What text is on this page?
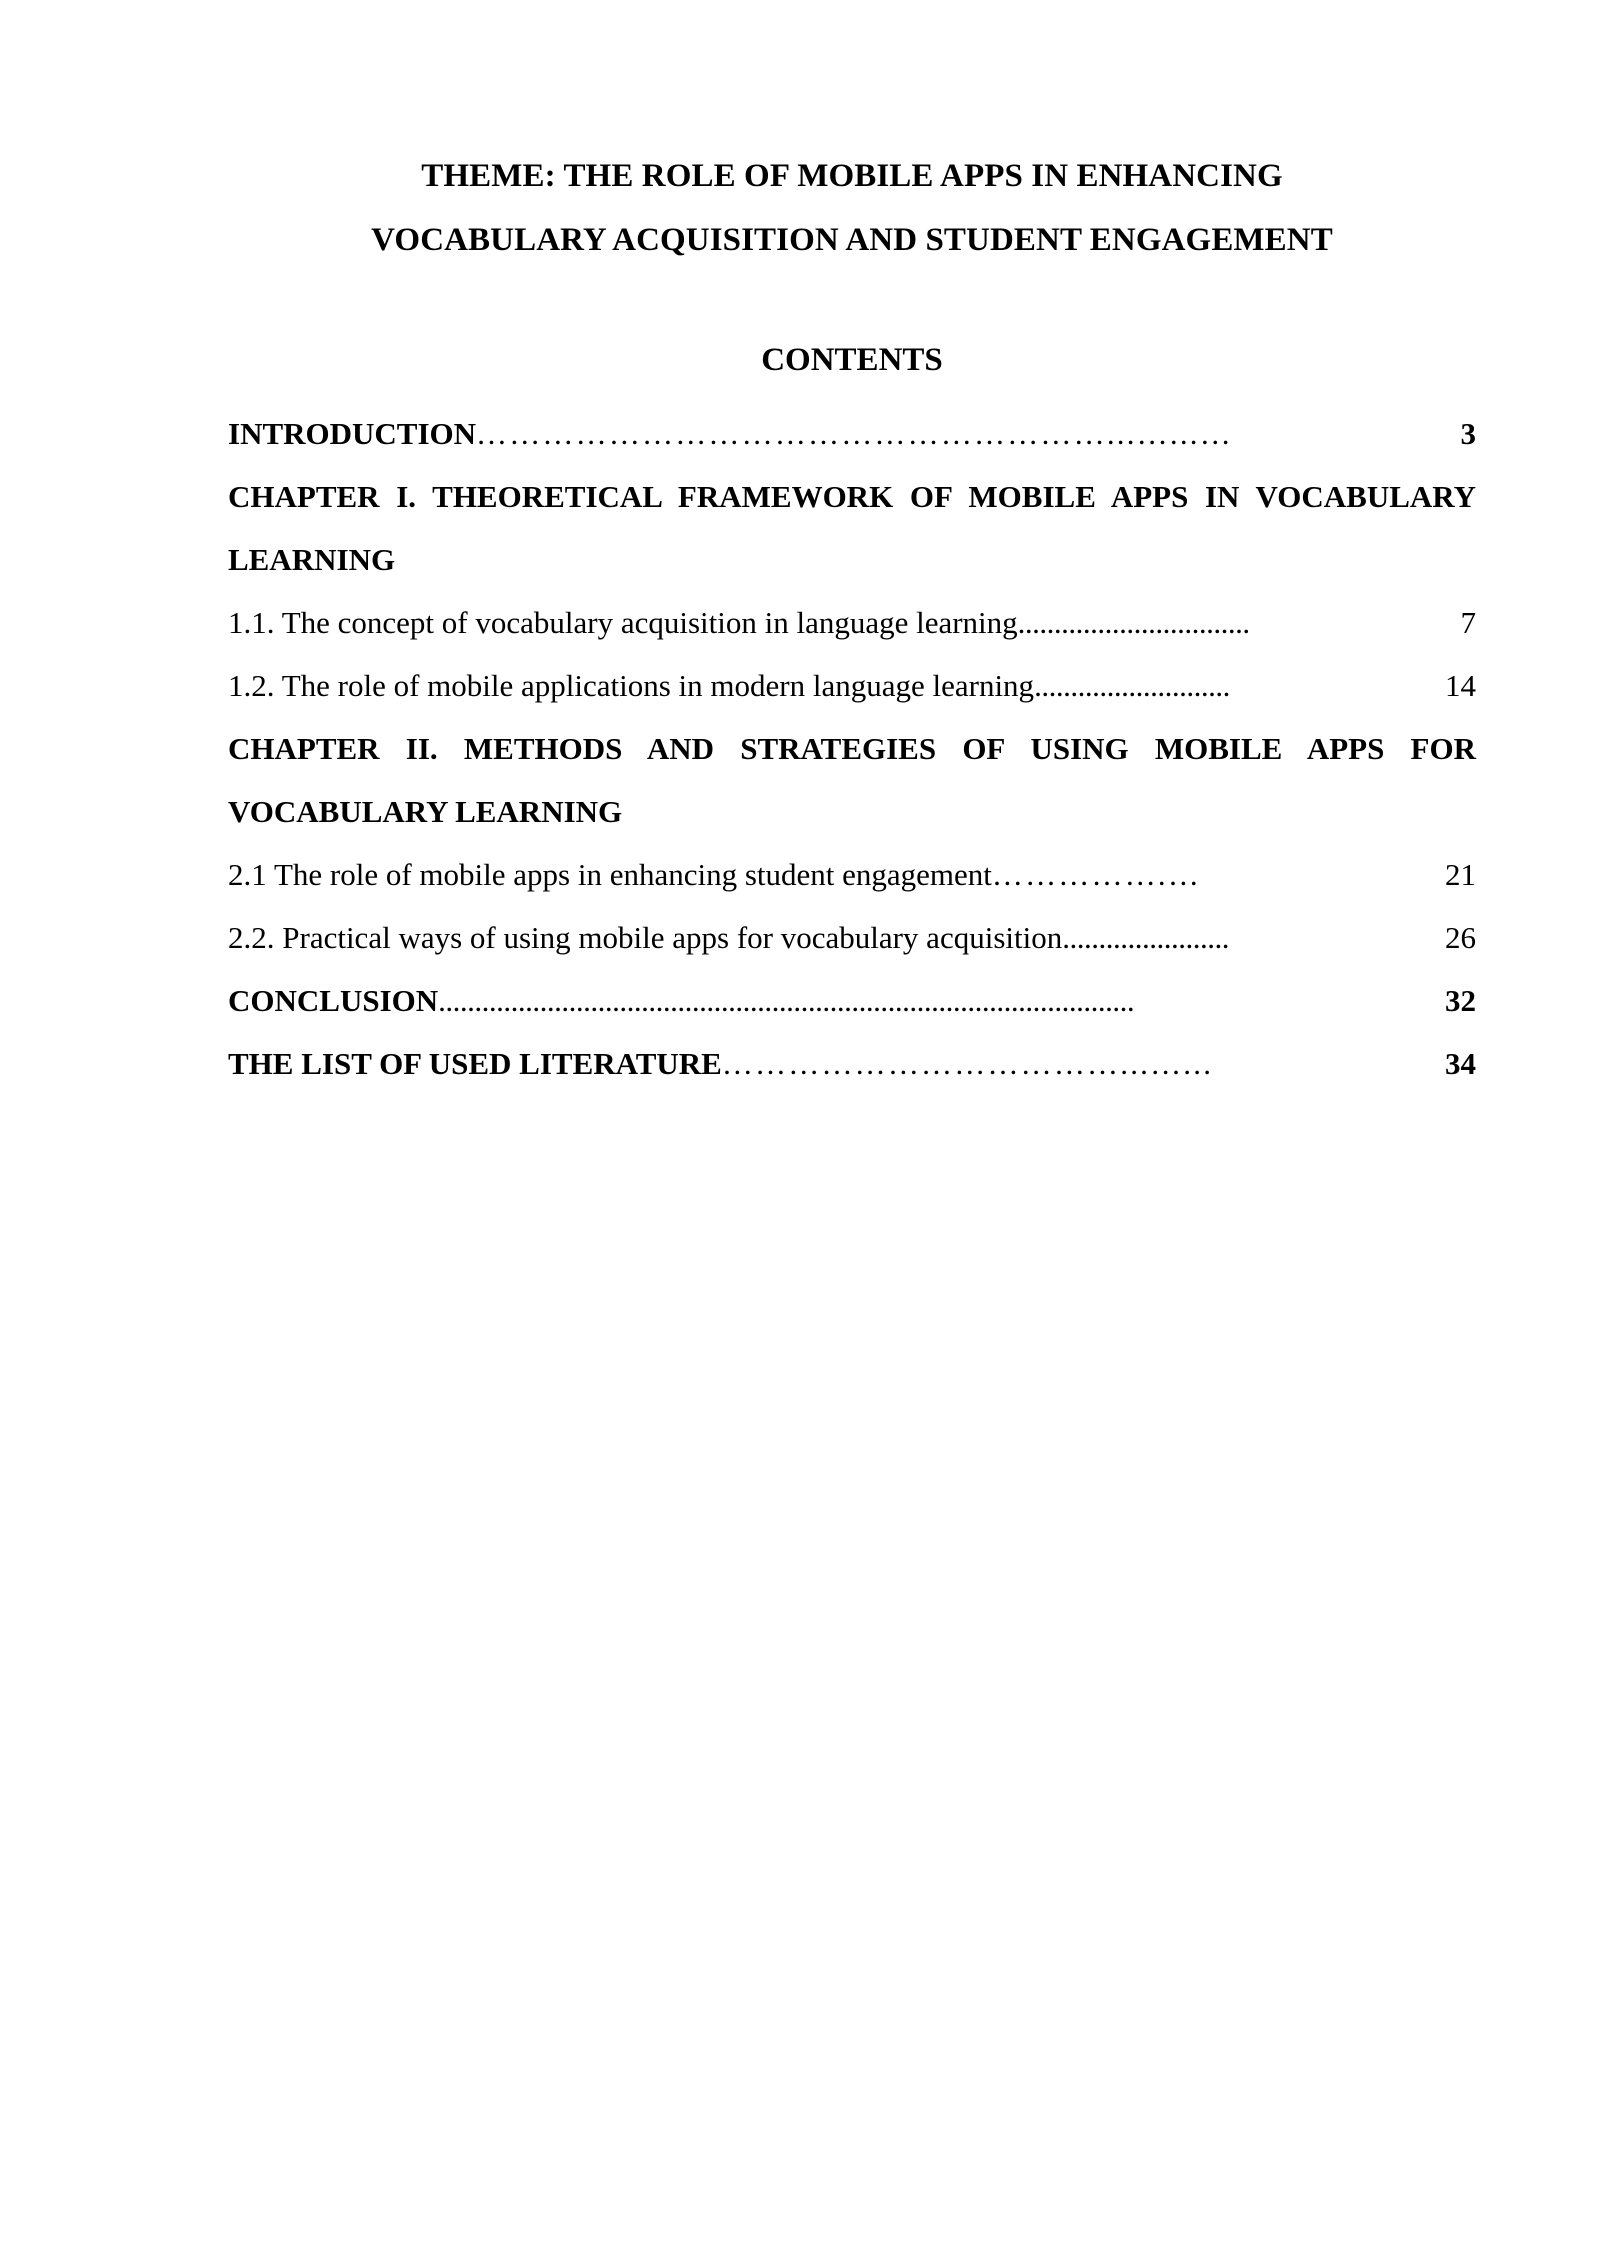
THEME: THE ROLE OF MOBILE APPS IN ENHANCING
VOCABULARY ACQUISITION AND STUDENT ENGAGEMENT
CONTENTS
INTRODUCTION …………………………………………………...…...…	3
CHAPTER I. THEORETICAL FRAMEWORK OF MOBILE APPS IN VOCABULARY LEARNING
1.1. The concept of vocabulary acquisition in language learning ................................	7
1.2. The role of mobile applications in modern language learning ...........................	14
CHAPTER II. METHODS AND STRATEGIES OF USING MOBILE APPS FOR VOCABULARY LEARNING
2.1 The role of mobile apps in enhancing student engagement …………….…	21
2.2. Practical ways of using mobile apps for vocabulary acquisition .......................	26
CONCLUSION ................................................................................................	32
THE LIST OF USED LITERATURE ………………………………...…...	34
